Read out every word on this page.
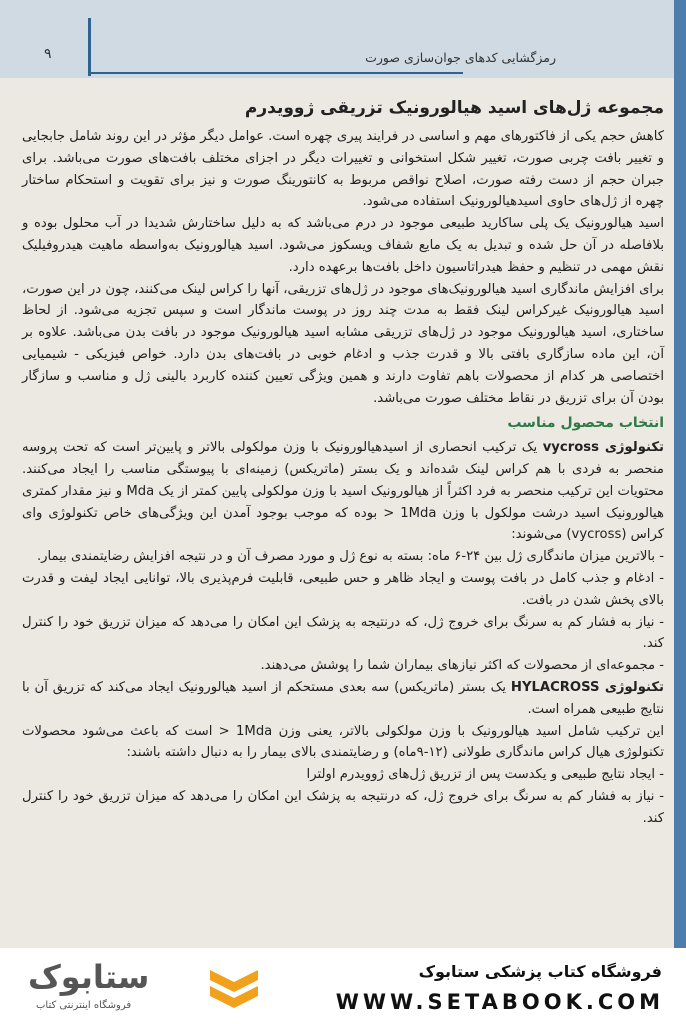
۹	رمزگشایی کدهای جوان‌سازی صورت
مجموعه ژل‌های اسید هیالورونیک تزریقی ژوویدرم

کاهش حجم یکی از فاکتورهای مهم و اساسی در فرایند پیری چهره است. عوامل دیگر مؤثر در این روند شامل جابجایی و تغییر بافت چربی صورت، تغییر شکل استخوانی و تغییرات دیگر در اجزای مختلف بافت‌های صورت می‌باشد. برای جبران حجم از دست رفته صورت، اصلاح نواقص مربوط به کانتورینگ صورت و نیز برای تقویت و استحکام ساختار چهره از ژل‌های حاوی اسیدهیالورونیک استفاده می‌شود.

اسید هیالورونیک یک پلی ساکارید طبیعی موجود در درم می‌باشد که به دلیل ساختارش شدیدا در آب محلول بوده و بلافاصله در آن حل شده و تبدیل به یک مایع شفاف ویسکوز می‌شود. اسید هیالورونیک به‌واسطه ماهیت هیدروفیلیک نقش مهمی در تنظیم و حفظ هیدراتاسیون داخل بافت‌ها برعهده دارد.

برای افزایش ماندگاری اسید هیالورونیک‌های موجود در ژل‌های تزریقی، آنها را کراس لینک می‌کنند، چون در این صورت، اسید هیالورونیک غیرکراس لینک فقط به مدت چند روز در پوست ماندگار است و سپس تجزیه می‌شود. از لحاظ ساختاری، اسید هیالورونیک موجود در ژل‌های تزریقی مشابه اسید هیالورونیک موجود در بافت بدن می‌باشد. علاوه بر آن، این ماده سازگاری بافتی بالا و قدرت جذب و ادغام خوبی در بافت‌های بدن دارد. خواص فیزیکی - شیمیایی اختصاصی هر کدام از محصولات باهم تفاوت دارند و همین ویژگی تعیین کننده کاربرد بالینی ژل و مناسب و سازگار بودن آن برای تزریق در نقاط مختلف صورت می‌باشد.

انتخاب محصول مناسب

تکنولوژی vycross یک ترکیب انحصاری از اسیدهیالورونیک با وزن مولکولی بالاتر و پایین‌تر است که تحت پروسه منحصر به فردی با هم کراس لینک شده‌اند و یک بستر (ماتریکس) زمینه‌ای با پیوستگی مناسب را ایجاد می‌کنند. محتویات این ترکیب منحصر به فرد اکثراً از هیالورونیک اسید با وزن مولکولی پایین کمتر از یک Mda و نیز مقدار کمتری هیالورونیک اسید درشت مولکول با وزن 1Mda < بوده که موجب بوجود آمدن این ویژگی‌های خاص تکنولوژی وای کراس (vycross) می‌شوند:

- بالاترین میزان ماندگاری ژل بین ۲۴-۶ ماه: بسته به نوع ژل و مورد مصرف آن و در نتیجه افزایش رضایتمندی بیمار.

- ادغام و جذب کامل در بافت پوست و ایجاد ظاهر و حس طبیعی، قابلیت فرم‌پذیری بالا، توانایی ایجاد لیفت و قدرت بالای پخش شدن در بافت.

- نیاز به فشار کم به سرنگ برای خروج ژل، که درنتیجه به پزشک این امکان را می‌دهد که میزان تزریق خود را کنترل کند.

- مجموعه‌ای از محصولات که اکثر نیازهای بیماران شما را پوشش می‌دهند.

تکنولوژی HYLACROSS یک بستر (ماتریکس) سه بعدی مستحکم از اسید هیالورونیک ایجاد می‌کند که تزریق آن با نتایج طبیعی همراه است.

این ترکیب شامل اسید هیالورونیک با وزن مولکولی بالاتر، یعنی وزن 1Mda < است که باعث می‌شود محصولات تکنولوژی هیال کراس ماندگاری طولانی (۱۲-۹ماه) و رضایتمندی بالای بیمار را به دنبال داشته باشند:

- ایجاد نتایج طبیعی و یکدست پس از تزریق ژل‌های ژوویدرم اولترا

- نیاز به فشار کم به سرنگ برای خروج ژل، که درنتیجه به پزشک این امکان را می‌دهد که میزان تزریق خود را کنترل کند.

ستابوک
فروشگاه اینترنتی کتاب
فروشگاه کتاب پزشکی ستابوک
WWW.SETABOOK.COM
